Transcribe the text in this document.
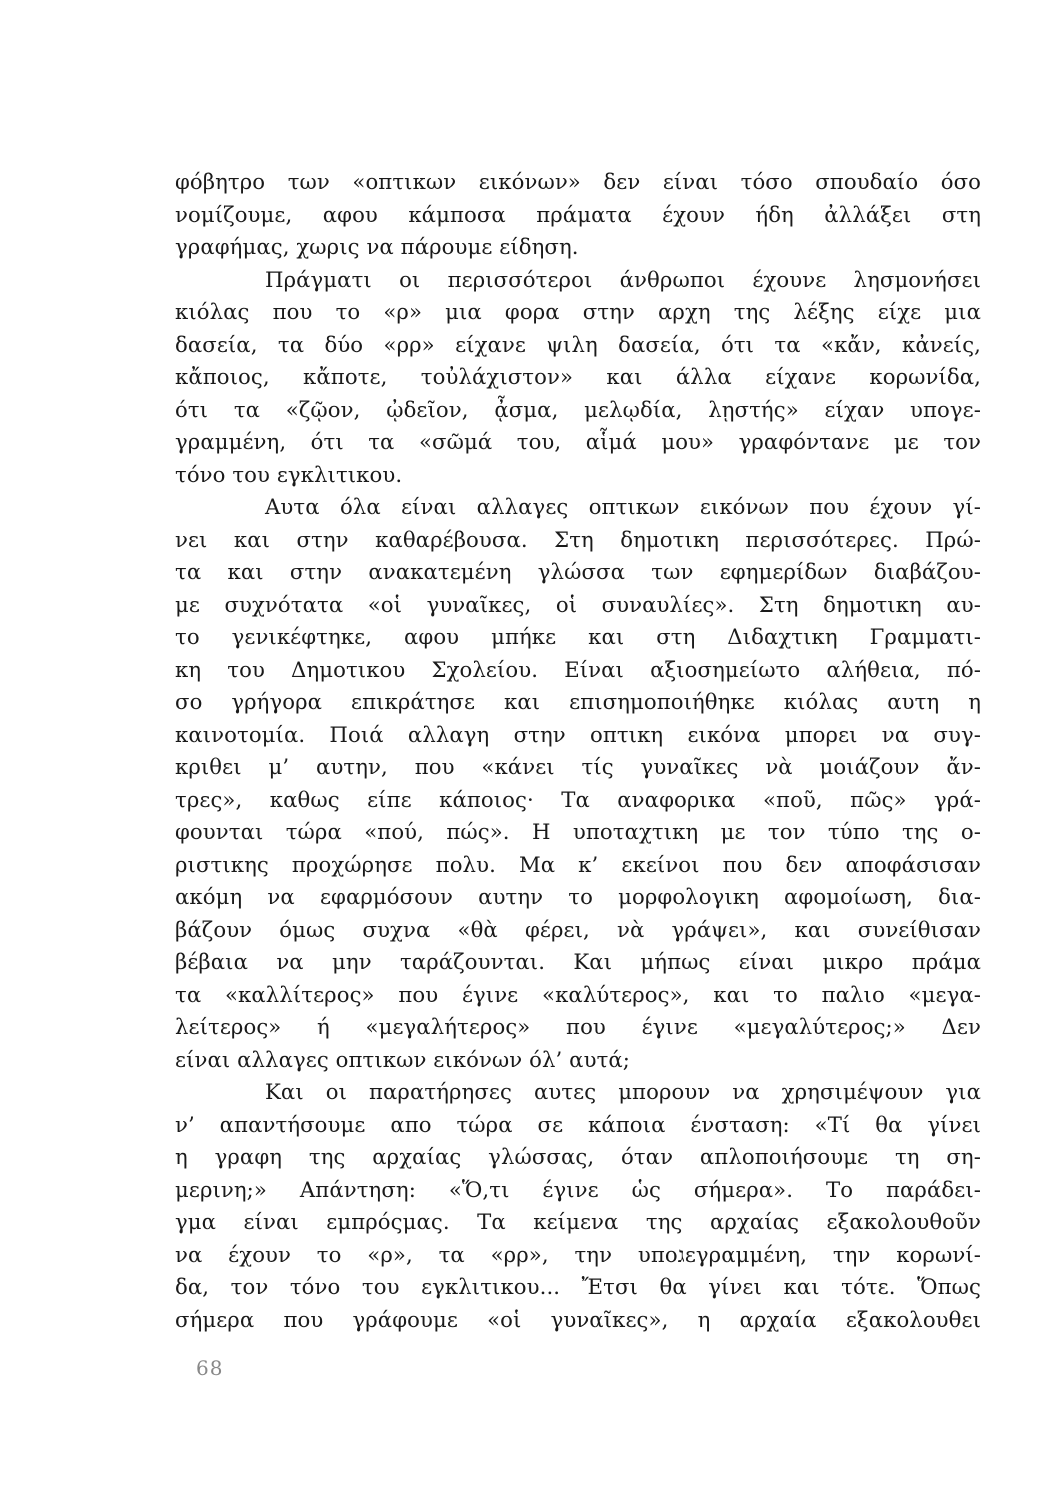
φόβητρο των «οπτικων εικόνων» δεν είναι τόσο σπουδαίο όσο
νομίζουμε, αφου κάμποσα πράματα έχουν ήδη ἀλλάξει στη
γραφήμας, χωρις να πάρουμε είδηση.
Πράγματι οι περισσότεροι άνθρωποι έχουνε λησμονήσει
κιόλας που το «ρ» μια φορα στην αρχη της λέξης είχε μια
δασεία, τα δύο «ρρ» είχανε ψιλη δασεία, ότι τα «κἄν, κἀνείς,
κἄποιος, κἄποτε, τοὐλάχιστον» και άλλα είχανε κορωνίδα,
ότι τα «ζῷον, ᾠδεῖον, ᾆσμα, μελῳδία, λῃστής» είχαν υπογε-
γραμμένη, ότι τα «σῶμά του, αἷμά μου» γραφόντανε με τον
τόνο του εγκλιτικου.
Αυτα όλα είναι αλλαγες οπτικων εικόνων που έχουν γί-
νει και στην καθαρέβουσα. Στη δημοτικη περισσότερες. Πρώ-
τα και στην ανακατεμένη γλώσσα των εφημερίδων διαβάζου-
με συχνότατα «οἱ γυναῖκες, οἱ συναυλίες». Στη δημοτικη αυ-
το γενικέφτηκε, αφου μπήκε και στη Διδαχτικη Γραμματι-
κη του Δημοτικου Σχολείου. Είναι αξιοσημείωτο αλήθεια, πό-
σο γρήγορα επικράτησε και επισημοποιήθηκε κιόλας αυτη η
καινοτομία. Ποιά αλλαγη στην οπτικη εικόνα μπορει να συγ-
κριθει μ’ αυτην, που «κάνει τίς γυναῖκες νὰ μοιάζουν ἄν-
τρες», καθως είπε κάποιος· Τα αναφορικα «ποῦ, πῶς» γρά-
φουνται τώρα «πού, πώς». Η υποταχτικη με τον τύπο της ο-
ριστικης προχώρησε πολυ. Μα κ’ εκείνοι που δεν αποφάσισαν
ακόμη να εφαρμόσουν αυτην το μορφολογικη αφομοίωση, δια-
βάζουν όμως συχνα «θὰ φέρει, νὰ γράψει», και συνείθισαν
βέβαια να μην ταράζουνται. Και μήπως είναι μικρο πράμα
τα «καλλίτερος» που έγινε «καλύτερος», και το παλιο «μεγα-
λείτερος» ή «μεγαλήτερος» που έγινε «μεγαλύτερος;» Δεν
είναι αλλαγες οπτικων εικόνων όλ’ αυτά;
Και οι παρατήρησες αυτες μπορουν να χρησιμέψουν για
ν’ απαντήσουμε απο τώρα σε κάποια ένσταση: «Τί θα γίνει
η γραφη της αρχαίας γλώσσας, όταν απλοποιήσουμε τη ση-
μερινη;» Απάντηση: «Ὅ,τι έγινε ὡς σήμερα». Το παράδει-
γμα είναι εμπρόςμας. Τα κείμενα της αρχαίας εξακολουθοῦν
να έχουν το «ρ», τα «ρρ», την υποגεγραμμένη, την κορωνί-
δα, τον τόνο του εγκλιτικου... Ἔτσι θα γίνει και τότε. Ὅπως
σήμερα που γράφουμε «οἱ γυναῖκες», η αρχαία εξακολουθει
68
